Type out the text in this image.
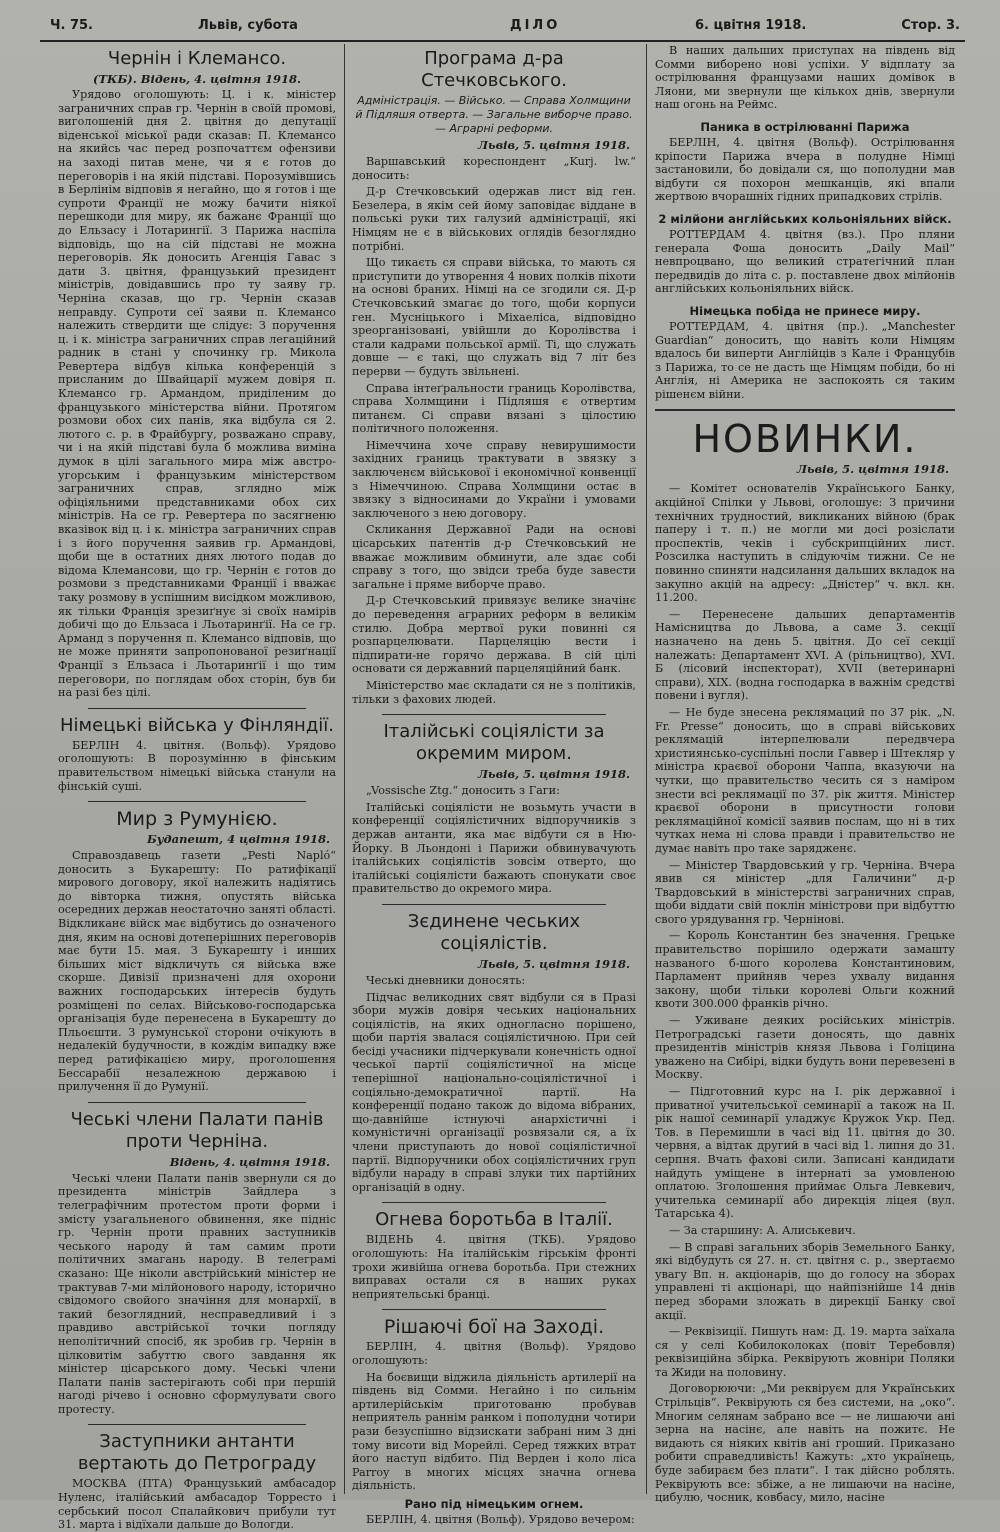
Ч. 75.	Львів, субота	ДІЛО	6. цвітня 1918.	Стор. 3.
Чернін і Клемансо.
(ТКБ). Відень, 4. цвітня 1918.
Урядово оголошують: Ц. і к. міністер заграничних справ гр. Чернін в своїй промові, виголошеній дня 2. цвітня до депутації віденської міської ради сказав: П. Клемансо на якийсь час перед розпочаттєм офензиви на заході питав мене, чи я є готов до переговорів і на якій підставі. Порозумівшись в Берлінім відповів я негайно, що я готов і ще супроти Франції не можу бачити ніякої перешкоди для миру, як бажанє Франції що до Ельзасу і Лотарингії. З Парижа наспіла відповідь, що на сій підставі не можна переговорів. Як доносить Агенція Гавас з дати 3. цвітня, французький президент міністрів, довідавшись про ту заяву гр. Черніна сказав, що гр. Чернін сказав неправду. Супроти сеї заяви п. Клемансо належить ствердити ще слідує: З поручення ц. і к. міністра заграничних справ легаційний радник в стані у спочинку гр. Микола Ревертера відбув кілька конференцій з присланим до Швайцарії мужем довіря п. Клемансо гр. Армандом, приділеним до французького міністерства війни. Протягом розмови обох сих панів, яка відбула ся 2. лютого с. р. в Фрайбургу, розважано справу, чи і на якій підставі була б можлива виміна думок в цілі загального мира між австро-угорським і французьким міністерством заграничних справ, зглядно між офіціяльними представниками обох сих міністрів. На се гр. Ревертера по засягненю вказівок від ц. і к. міністра заграничних справ і з його поручення заявив гр. Армандові, щоби ще в остатних днях лютого подав до відома Клемансови, що гр. Чернін є готов до розмови з представниками Франції і вважає таку розмову в успішним висідком можливою, як тільки Франція зрезиґнує зі своїх намірів добичі що до Ельзаса і Льотаринґії. На се гр. Арманд з поручення п. Клемансо відповів, що не може приняти запропонованої резиґнації Франції з Ельзаса і Льотаринґії і що тим переговори, по поглядам обох сторін, був би на разі без цілі.
Німецькі війська у Фінляндії.
БЕРЛІН 4. цвітня. (Вольф). Урядово оголошують: В порозумінню в фінським правительством німецькі війська станули на фінській суші.
Мир з Румунією.
Будапешт, 4 цвітня 1918.
Справоздавець газети „Pesti Napló“ доносить з Букарешту: По ратифікації мирового договору, якої належить надіятись до вівторка тижня, опустять війська осередних держав неостаточно заняті області. Відкликанє війск має відбутись до означеного дня, яким на основі дотеперішних переговорів має бути 15. мая. З Букарешту і инших більших міст відкличуть ся війська вже скорше. Дивізії призначені для охорони важних господарських інтересів будуть розміщені по селах. Військово-господарська організація буде перенесена в Букарешту до Пльоєшти. З румунської сторони очікують в недалекій будучности, в кождім випадку вже перед ратифікацією миру, проголошення Бессарабії незалежною державою і прилучення її до Румунії.
Чеські члени Палати панів проти Черніна.
Відень, 4. цвітня 1918.
Чеські члени Палати панів звернули ся до президента міністрів Зайдлера з телеграфічним протестом проти форми і змісту узагальненого обвинення, яке підніс гр. Чернін проти правних заступників чеського народу й там самим проти політичних змагань народу. В телеграмі сказано: Ще ніколи австрійський міністер не трактував 7-ми мілйонового народу, історично свідомого свойого значіння для монархії, в такий безоглядний, несправедливий і з правдиво австрійської точки погляду неполітичний спосіб, як зробив гр. Чернін в цілковитім забуттю свого завдання як міністер цісарського дому. Чеські члени Палати панів застерігають собі при першій нагоді річево і основно сформулувати свого протесту.
Заступники антанти вертають до Петрограду
МОСКВА (ПТА) Французький амбасадор Нуленс, італійський амбасадор Торресто і сербський посол Спалайкович прибули тут 31. марта і відїхали дальше до Вологди.
Програма д-ра Стечковського.
Адміністрація. — Військо. — Справа Холмщини й Підляшя отверта. — Загальне виборче право. — Аграрні реформи.
Львів, 5. цвітня 1918.
Варшавський кореспондент „Kurj. lw.“ доносить:
Д-р Стечковський одержав лист від ген. Безелера, в якім сей йому заповідає віддане в польські руки тих галузий адміністрації, які Німцям не є в військових оглядів безоглядно потрібні.
Що тикаєть ся справи війська, то мають ся приступити до утворення 4 нових полків піхоти на основі браних. Німці на се згодили ся. Д-р Стечковський змагає до того, щоби корпуси ген. Мусніцького і Міхаеліса, відповідно зреорганізовані, увійшли до Королівства і стали кадрами польської армії. Ті, що служать довше — є такі, що служать від 7 літ без перерви — будуть звільнені.
Справа інтеґральности границь Королівства, справа Холмщини і Підляшя є отвертим питанєм. Сі справи вязані з цілостию політичного положення.
Німеччина хоче справу невирушимости західних границь трактувати в звязку з заключенєм військової і економічної конвенції з Німеччиною. Справа Холмщини остає в звязку з відносинами до України і умовами заключеного з нею договору.
Скликання Державної Ради на основі цісарських патентів д-р Стечковський не вважає можливим обминути, але здає собі справу з того, що звідси треба буде завести загальне і пряме виборче право.
Д-р Стечковський привязує велике значінє до переведення аграрних реформ в великім стилю. Добра мертвої руки повинні ся розпарцелювати. Парцеляцію вести і підпирати-не горячо держава. В сій цілі основати ся державний парцеляційний банк.
Міністерство має складати ся не з політиків, тільки з фахових людей.
Італійські соціялісти за окремим миром.
Львів, 5. цвітня 1918.
„Vossische Ztg.“ доносить з Гаги:
Італійські соціялісти не возьмуть участи в конференції соціялістичних відпоручників з держав антанти, яка має відбути ся в Ню-Йорку. В Льондоні і Парижи обвинувачують італійських соціялістів зовсім отверто, що італійські соціялісти бажають спонукати своє правительство до окремого мира.
Зєдинене чеських соціялістів.
Львів, 5. цвітня 1918.
Чеські дневники доносять:
Підчас великодних свят відбули ся в Празі збори мужів довіря чеських національних соціялістів, на яких одногласно порішено, щоби партія звалася соціялістичною. При сей бесіді учасники підчеркували конечність одної чеської партії соціялістичної на місце теперішної національно-соціялістичної і соціяльно-демократичної партії. На конференції подано також до відома вібраних, що-давнійше істнуючі анархістичні і комуністичні організації розвязали ся, а їх члени приступають до нової соціялістичної партії. Відпоручники обох соціялістичних груп відбули нараду в справі злуки тих партійних організацій в одну.
Огнева боротьба в Італії.
ВІДЕНЬ 4. цвітня (ТКБ). Урядово оголошують: На італійськім гірськім фронті трохи живійша огнева боротьба. При стежних виправах остали ся в наших руках неприятельські бранці.
Рішаючі бої на Заході.
БЕРЛІН, 4. цвітня (Вольф). Урядово оголошують:
На боєвищи віджила діяльність артилерії на південь від Сомми. Негайно і по сильнім артилерійськім приготованю пробував неприятель раннім ранком і пополудни чотири рази безуспішно відзискати забрані ним 3 дні тому висоти від Морейлі. Серед тяжких втрат його наступ відбито. Під Верден і коло ліса Parroy в многих місцях значна огнева діяльність.
Рано під німецьким огнем.
БЕРЛІН, 4. цвітня (Вольф). Урядово вечером:
В наших дальших приступах на південь від Сомми виборено нові успіхи. У відплату за острілювання французами наших домівок в Ляони, ми звернули ще кількох днів, звернули наш огонь на Реймс.
Паника в острілюванні Парижа
БЕРЛІН, 4. цвітня (Вольф). Острілювання кріпости Парижа вчера в полудне Німці застановили, бо довідали ся, що пополудни мав відбути ся похорон мешканців, які впали жертвою вчорашніх гідних припадкових стрілів.
2 мілйони англійських кольоніяльних війск.
РОТТЕРДАМ 4. цвітня (вз.). Про пляни генерала Фоша доносить „Daily Mail“ невпроцвано, що великий стратегічний план передвидів до літа с. р. поставлене двох мілйонів англійських кольоніяльних війск.
Німецька побіда не принесе миру.
РОТТЕРДАМ, 4. цвітня (пр.). „Manchester Guardian“ доносить, що навіть коли Німцям вдалось би виперти Англійців з Кале і Францубів з Парижа, то се не дасть ще Німцям побіди, бо ні Англія, ні Америка не заспокоять ся таким рішенєм війни.
НОВИНКИ.
Львів, 5. цвітня 1918.
— Комітет основателів Українського Банку, акційної Спілки у Львові, оголошує: З причини технічних трудностий, викликаних війною (брак паперу і т. п.) не могли ми досі розіслати проспектів, чеків і субскрипційних лист. Розсилка наступить в слідуючім тижни. Се не повинно спиняти надсилання дальших вкладок на закупно акцій на адресу: „Дністер“ ч. вкл. кн. 11.200.
— Перенесене дальших департаментів Намісництва до Львова, а саме 3. секції назначено на день 5. цвітня. До сеї секції належать: Департамент XVI. А (рільництво), XVI. Б (лісовий інспекторат), XVII (ветеринарні справи), XIX. (водна господарка в важнім средстві повени і вугля).
— Не буде знесена реклямаций по 37 рік. „N. Fr. Presse“ доносить, що в справі військових реклямацій інтерпелювали передвчера християнсько-суспільні посли Гаввер і Штекляр у міністра краєвої оборони Чаппа, вказуючи на чутки, що правительство чесить ся з наміром знести всі реклямації по 37. рік життя. Міністер краєвої оборони в присутности голови реклямаційної комісії заявив послам, що ні в тих чутках нема ні слова правди і правительство не думає навіть про таке зарядженє.
— Міністер Твардовський у гр. Черніна. Вчера явив ся міністер „для Галичини“ д-р Твардовський в міністерстві заграничних справ, щоби віддати свій поклін міністрови при відбуттю свого урядування гр. Чернінові.
— Король Константин без значення. Грецьке правительство порішило одержати замашту названого б-шого королева Константиновим, Парламент прийняв через ухвалу видання закону, щоби тільки королеві Ольги кожний квоти 300.000 франків річно.
— Уживане деяких російських міністрів. Петроградські газети доносять, що давніх президентів міністрів князя Львова і Голіцина уважено на Сибірі, відки будуть вони перевезені в Москву.
— Підготовний курс на І. рік державної і приватної учительської семинарії а також на ІІ. рік нашої семинарії уладжує Кружок Укр. Пед. Тов. в Перемишли в часі від 11. цвітня до 30. червня, а відтак другий в часі від 1. липня до 31. серпня. Вчать фахові сили. Записані кандидати найдуть уміщене в інтернаті за умовленою оплатою. Зголошення приймає Ольга Левкевич, учителька семинарії або дирекція ліцея (вул. Татарська 4).
— За старшину: А. Алиськевич.
— В справі загальних зборів Земельного Банку, які відбудуть ся 27. н. ст. цвітня с. р., звертаємо увагу Вп. н. акціонарів, що до голосу на зборах управлені ті акціонарі, що найпізнійше 14 днів перед зборами зложать в дирекції Банку свої акції.
— Реквізиції. Пишуть нам: Д. 19. марта заїхала ся у селі Кобилоколоках (повіт Теребовля) реквізиційна збірка. Реквірують жовніри Поляки та Жиди на половину.
Договорюючи: „Ми реквіруєм для Українських Стрільців“. Реквірують ся без системи, на „око“. Многим селянам забрано все — не лишаючи ані зерна на насінє, але навіть на пожитє. Не видають ся ніяких квітів ані гроший. Приказано робити справедливість! Кажуть: „хто українець, буде забираєм без плати“. І так дійсно роблять. Реквірують все: збіже, а не лишаючи на насіне, цибулю, чосник, ковбасу, мило, насіне
